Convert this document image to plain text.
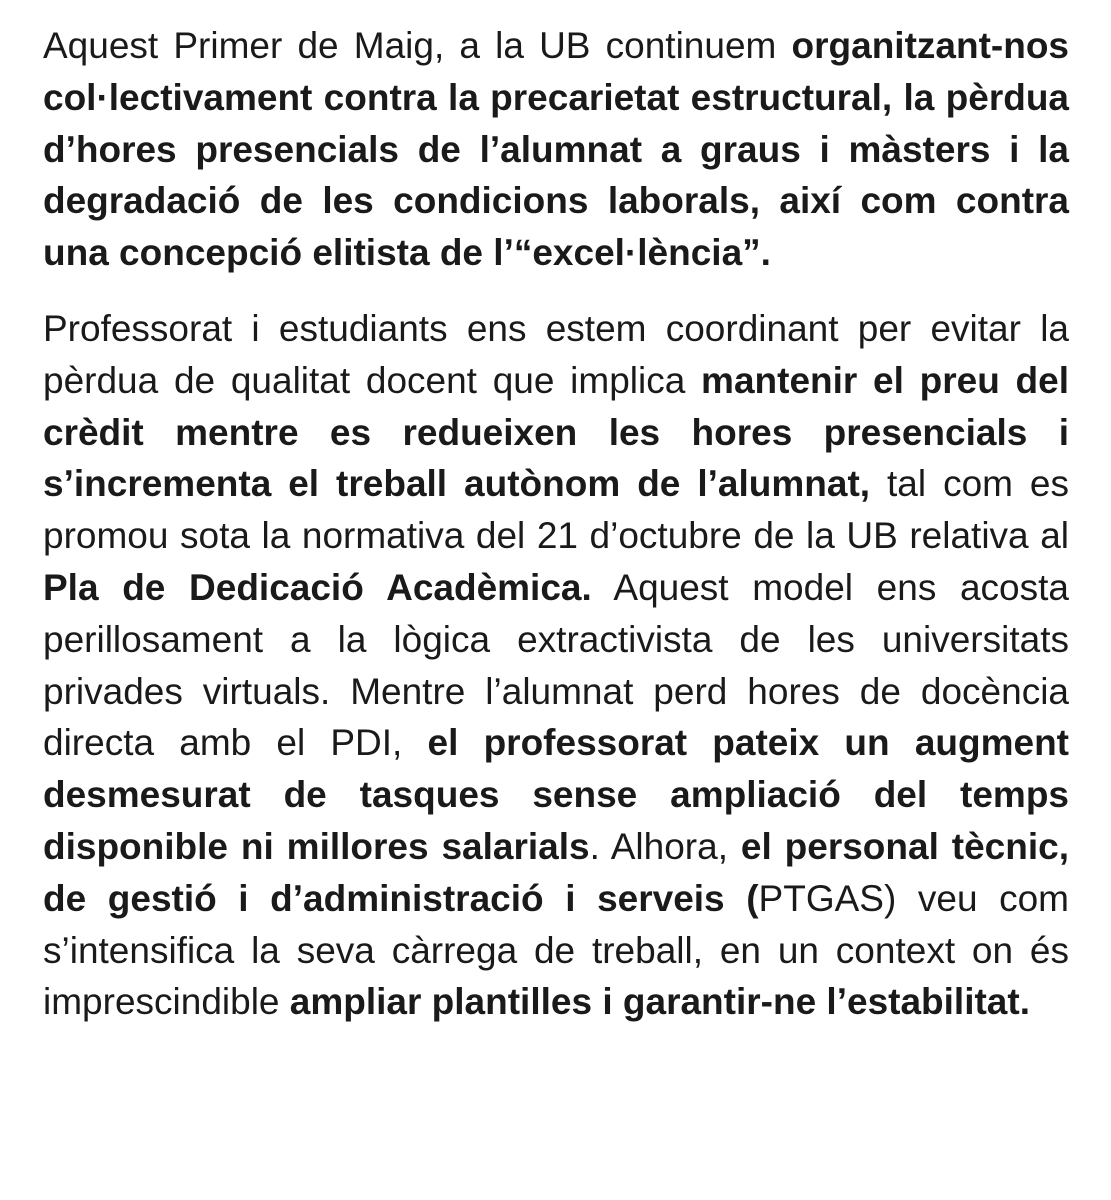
Aquest Primer de Maig, a la UB continuem organitzant-nos col·lectivament contra la precarietat estructural, la pèrdua d’hores presencials de l’alumnat a graus i màsters i la degradació de les condicions laborals, així com contra una concepció elitista de l’“excel·lència”.

Professorat i estudiants ens estem coordinant per evitar la pèrdua de qualitat docent que implica mantenir el preu del crèdit mentre es redueixen les hores presencials i s’incrementa el treball autònom de l’alumnat, tal com es promou sota la normativa del 21 d’octubre de la UB relativa al Pla de Dedicació Acadèmica. Aquest model ens acosta perillosament a la lògica extractivista de les universitats privades virtuals. Mentre l’alumnat perd hores de docència directa amb el PDI, el professorat pateix un augment desmesurat de tasques sense ampliació del temps disponible ni millores salarials. Alhora, el personal tècnic, de gestió i d’administració i serveis (PTGAS) veu com s’intensifica la seva càrrega de treball, en un context on és imprescindible ampliar plantilles i garantir-ne l’estabilitat.
